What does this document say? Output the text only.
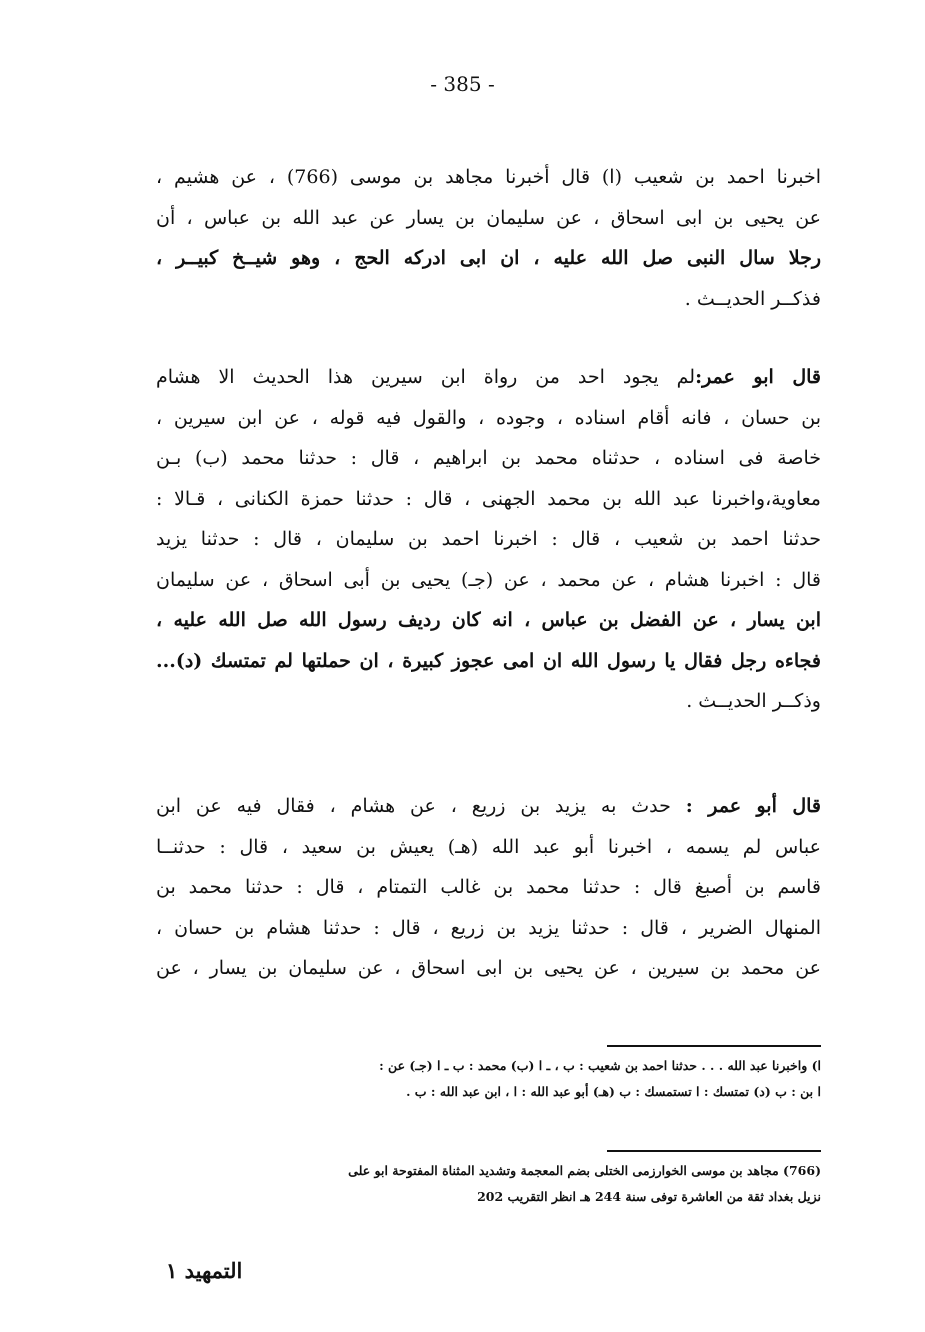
- 385 -
اخبرنا احمد بن شعيب (ا) قال أخبرنا مجاهد بن موسى (766) ، عن هشيم ،
عن يحيى بن ابى اسحاق ، عن سليمان بن يسار عن عبد الله بن عباس ، أن
رجلا سال النبى صل الله عليه ، ان ابى ادركه الحج ، وهو شيــخ كبيــر ،
فذكــر الحديــث .
قال ابو عمر:لم يجود احد من رواة ابن سيرين هذا الحديث الا هشام
بن حسان ، فانه أقام اسناده ، وجوده ، والقول فيه قوله ، عن ابن سيرين ،
خاصة فى اسناده ، حدثناه محمد بن ابراهيم ، قال : حدثنا محمد (ب) بـن
معاوية،واخبرنا عبد الله بن محمد الجهنى ، قال : حدثنا حمزة الكنانى ، قـالا :
حدثنا احمد بن شعيب ، قال : اخبرنا احمد بن سليمان ، قال : حدثنا يزيد
قال : اخبرنا هشام ، عن محمد ، عن (جـ) يحيى بن أبى اسحاق ، عن سليمان
ابن يسار ، عن الفضل بن عباس ، انه كان رديف رسول الله صل الله عليه ،
فجاءه رجل فقال يا رسول الله ان امى عجوز كبيرة ، ان حملتها لم تمتسك (د)...
وذكــر الحديــث .
قال أبو عمر : حدث به يزيد بن زريع ، عن هشام ، فقال فيه عن ابن
عباس لم يسمه ، اخبرنا أبو عبد الله (هـ) يعيش بن سعيد ، قال : حدثنــا
قاسم بن أصبغ قال : حدثنا محمد بن غالب التمتام ، قال : حدثنا محمد بن
المنهال الضرير ، قال : حدثنا يزيد بن زريع ، قال : حدثنا هشام بن حسان ،
عن محمد بن سيرين ، عن يحيى بن ابى اسحاق ، عن سليمان بن يسار ، عن
ا) واخبرنا عبد الله . . . حدثنا احمد بن شعيب : ب ، ـ ا (ب) محمد : ب ـ ا (جـ) عن :
ا بن : ب (د) تمتسك : ا تستمسك : ب (هـ) أبو عبد الله : ا ، ابن عبد الله : ب .
(766) مجاهد بن موسى الخوارزمى الختلى بضم المعجمة وتشديد المثناة المفتوحة ابو على
نزيل بغداد ثقة من العاشرة توفى سنة 244 هـ انظر التقريب 202
التمهيد ١
